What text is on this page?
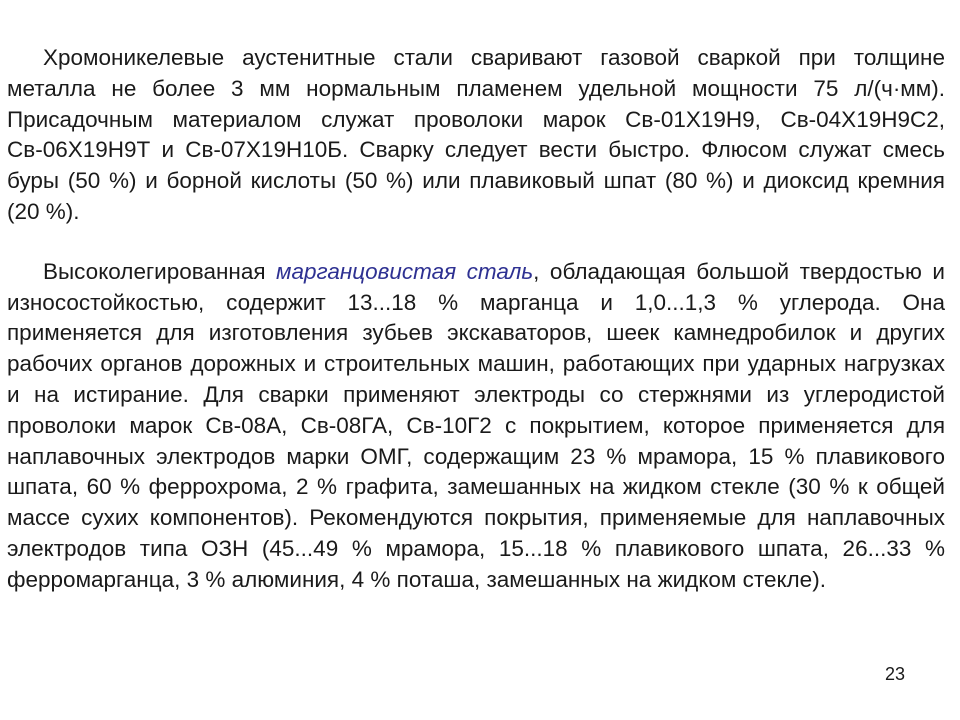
Хромоникелевые аустенитные стали сваривают газовой сваркой при толщине металла не более 3 мм нормальным пламенем удельной мощности 75 л/(ч·мм). Присадочным материалом служат проволоки марок Св-01Х19Н9, Св-04Х19Н9С2, Св-06Х19Н9Т и Св-07Х19Н10Б. Сварку следует вести быстро. Флюсом служат смесь буры (50 %) и борной кислоты (50 %) или плавиковый шпат (80 %) и диоксид кремния (20 %).

Высоколегированная марганцовистая сталь, обладающая большой твердостью и износостойкостью, содержит 13...18 % марганца и 1,0...1,3 % углерода. Она применяется для изготовления зубьев экскаваторов, шеек камнедробилок и других рабочих органов дорожных и строительных машин, работающих при ударных нагрузках и на истирание. Для сварки применяют электроды со стержнями из углеродистой проволоки марок Св-08А, Св-08ГА, Св-10Г2 с покрытием, которое применяется для наплавочных электродов марки ОМГ, содержащим 23 % мрамора, 15 % плавикового шпата, 60 % феррохрома, 2 % графита, замешанных на жидком стекле (30 % к общей массе сухих компонентов). Рекомендуются покрытия, применяемые для наплавочных электродов типа ОЗН (45...49 % мрамора, 15...18 % плавикового шпата, 26...33 % ферромарганца, 3 % алюминия, 4 % поташа, замешанных на жидком стекле).

23
